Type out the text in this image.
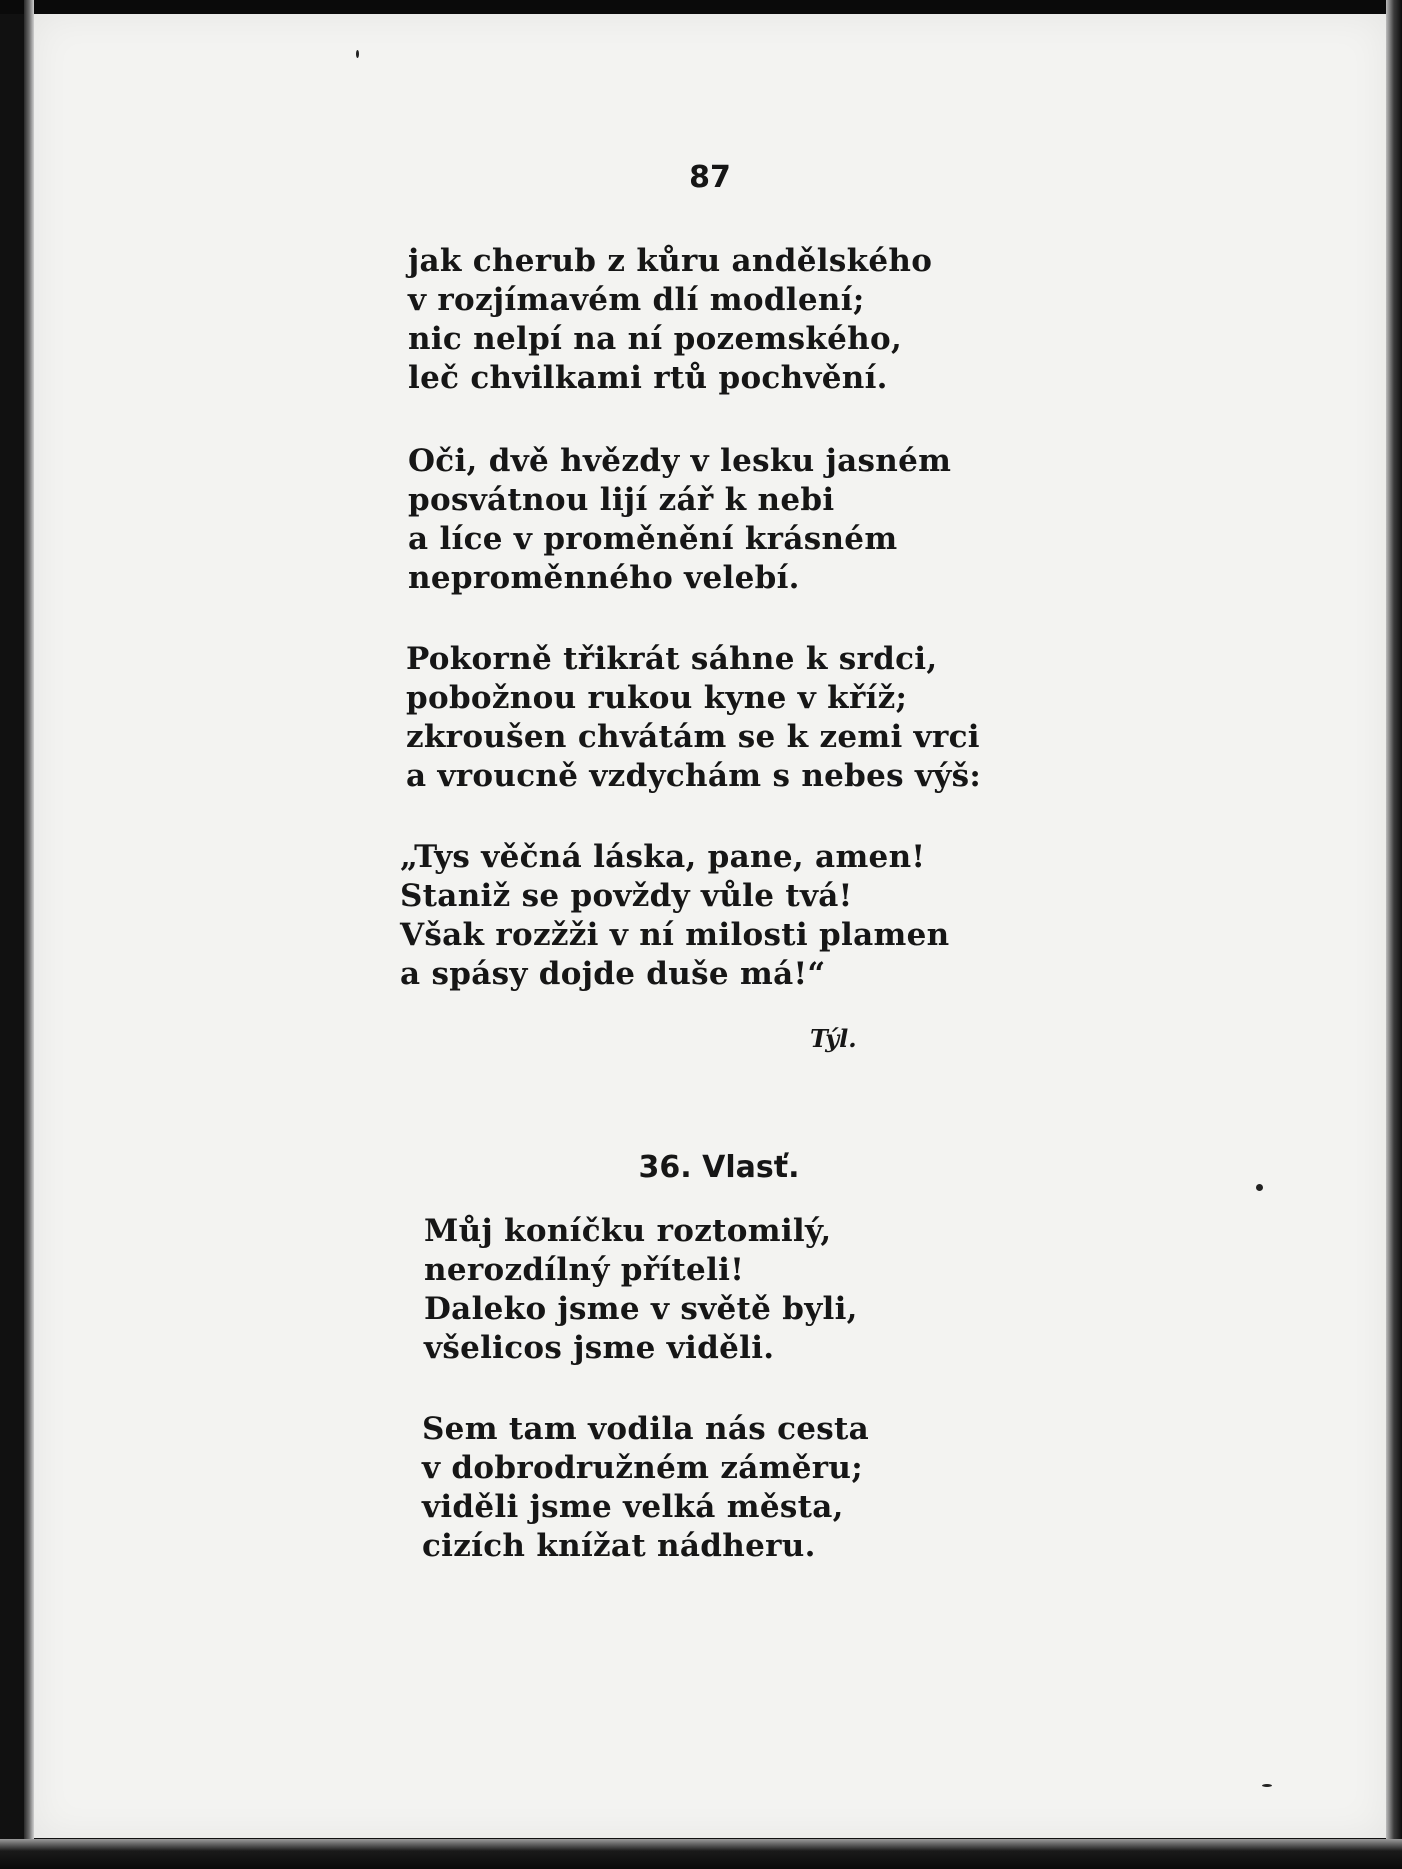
87
jak cherub z kůru andělského
v rozjímavém dlí modlení;
nic nelpí na ní pozemského,
leč chvilkami rtů pochvění.
Oči, dvě hvězdy v lesku jasném
posvátnou lijí zář k nebi
a líce v proměnění krásném
neproměnného velebí.
Pokorně třikrát sáhne k srdci,
pobožnou rukou kyne v kříž;
zkroušen chvátám se k zemi vrci
a vroucně vzdychám s nebes výš:
„Tys věčná láska, pane, amen!
Staniž se povždy vůle tvá!
Však rozžži v ní milosti plamen
a spásy dojde duše má!“
Týl.
36. Vlasť.
Můj koníčku roztomilý,
nerozdílný příteli!
Daleko jsme v světě byli,
všelicos jsme viděli.
Sem tam vodila nás cesta
v dobrodružném záměru;
viděli jsme velká města,
cizích knížat nádheru.
